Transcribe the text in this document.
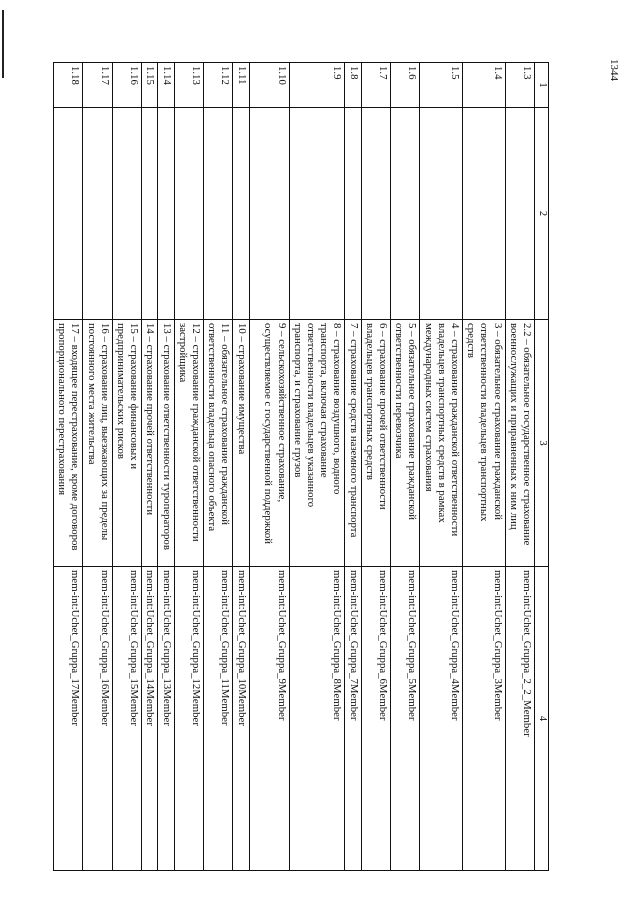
1344
1	2	3	4
1.3		2.2 – обязательное государственное страхование
военнослужащих и приравненных к ним лиц	mem-int:Uchet_Gruppa_2_2_Member
1.4		3 – обязательное страхование гражданской
ответственности владельцев транспортных
средств	mem-int:Uchet_Gruppa_3Member
1.5		4 – страхование гражданской ответственности
владельцев транспортных средств в рамках
международных систем страхования	mem-int:Uchet_Gruppa_4Member
1.6		5 – обязательное страхование гражданской
ответственности перевозчика	mem-int:Uchet_Gruppa_5Member
1.7		6 – страхование прочей ответственности
владельцев транспортных средств	mem-int:Uchet_Gruppa_6Member
1.8		7 – страхование средств наземного транспорта	mem-int:Uchet_Gruppa_7Member
1.9		8 – страхование воздушного, водного
транспорта, включая страхование
ответственности владельцев указанного
транспорта, и страхование грузов	mem-int:Uchet_Gruppa_8Member
1.10		9 – сельскохозяйственное страхование,
осуществляемое с государственной поддержкой	mem-int:Uchet_Gruppa_9Member
1.11		10 – страхование имущества	mem-int:Uchet_Gruppa_10Member
1.12		11 – обязательное страхование гражданской
ответственности владельца опасного объекта	mem-int:Uchet_Gruppa_11Member
1.13		12 – страхование гражданской ответственности
застройщика	mem-int:Uchet_Gruppa_12Member
1.14		13 – страхование ответственности туроператоров	mem-int:Uchet_Gruppa_13Member
1.15		14 – страхование прочей ответственности	mem-int:Uchet_Gruppa_14Member
1.16		15 – страхование финансовых и
предпринимательских рисков	mem-int:Uchet_Gruppa_15Member
1.17		16 – страхование лиц, выезжающих за пределы
постоянного места жительства	mem-int:Uchet_Gruppa_16Member
1.18		17 – входящее перестрахование, кроме договоров
пропорционального перестрахования	mem-int:Uchet_Gruppa_17Member
